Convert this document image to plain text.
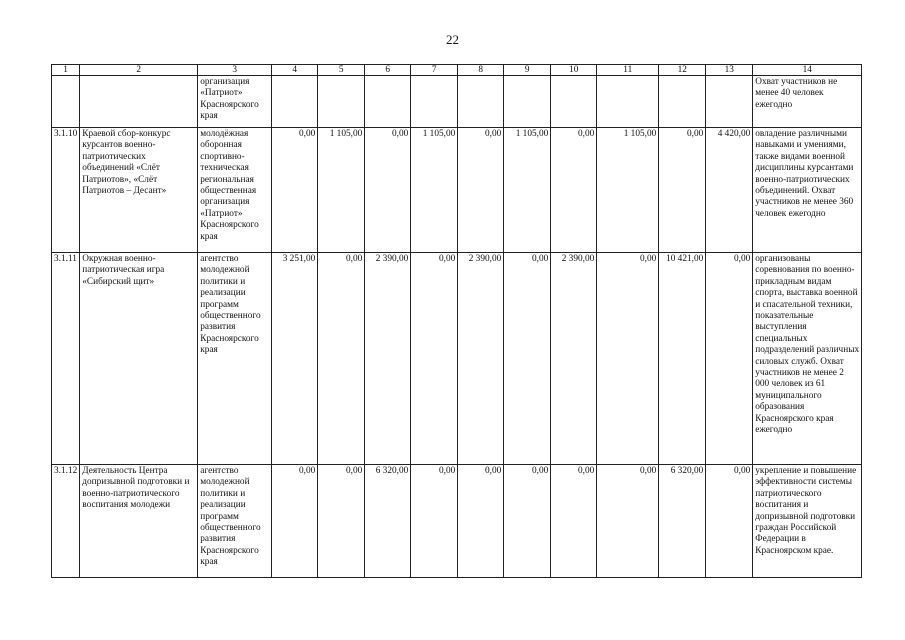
22
1	2	3	4	5	6	7	8	9	10	11	12	13	14
		организация «Патриот» Красноярского края											Охват участников не менее 40 человек ежегодно
3.1.10	Краевой сбор-конкурс курсантов военно-патриотических объединений «Слёт Патриотов», «Слёт Патриотов – Десант»	молодёжная оборонная спортивно-техническая региональная общественная организация «Патриот» Красноярского края	0,00	1 105,00	0,00	1 105,00	0,00	1 105,00	0,00	1 105,00	0,00	4 420,00	овладение различными навыками и умениями, также видами военной дисциплины курсантами военно-патриотических объединений. Охват участников не менее 360 человек ежегодно
3.1.11	Окружная военно-патриотическая игра «Сибирский щит»	агентство молодежной политики и реализации программ общественного развития Красноярского края	3 251,00	0,00	2 390,00	0,00	2 390,00	0,00	2 390,00	0,00	10 421,00	0,00	организованы соревнования по военно-прикладным видам спорта, выставка военной и спасательной техники, показательные выступления специальных подразделений различных силовых служб. Охват участников не менее 2 000 человек из 61 муниципального образования Красноярского края ежегодно
3.1.12	Деятельность Центра допризывной подготовки и военно-патриотического воспитания молодежи	агентство молодежной политики и реализации программ общественного развития Красноярского края	0,00	0,00	6 320,00	0,00	0,00	0,00	0,00	0,00	6 320,00	0,00	укрепление и повышение эффективности системы патриотического воспитания и допризывной подготовки граждан Российской Федерации в Красноярском крае.
